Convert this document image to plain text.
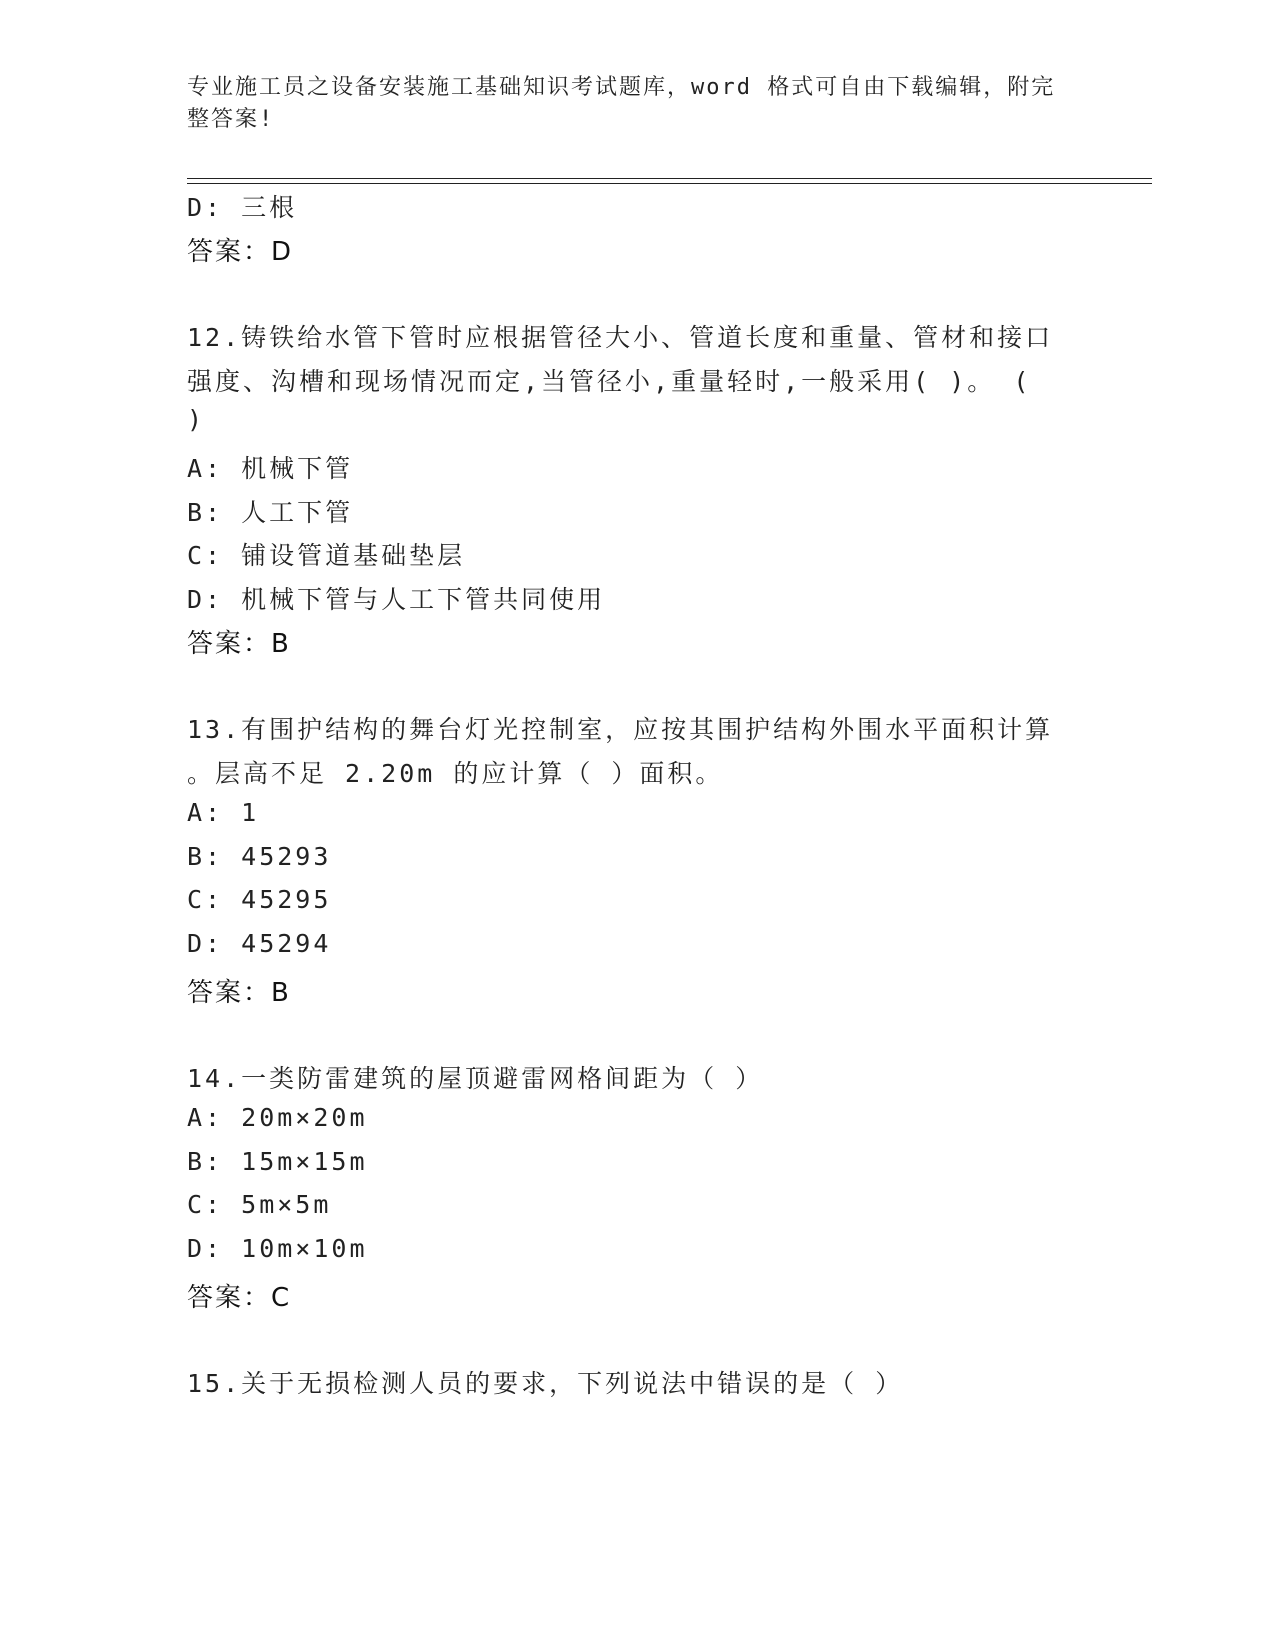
专业施工员之设备安装施工基础知识考试题库，word 格式可自由下载编辑，附完
整答案!
D: 三根
答案：D
12.铸铁给水管下管时应根据管径大小、管道长度和重量、管材和接口
强度、沟槽和现场情况而定,当管径小,重量轻时,一般采用( )。 (
)
A: 机械下管
B: 人工下管
C: 铺设管道基础垫层
D: 机械下管与人工下管共同使用
答案：B
13.有围护结构的舞台灯光控制室，应按其围护结构外围水平面积计算
。层高不足 2.20m 的应计算（ ）面积。
A: 1
B: 45293
C: 45295
D: 45294
答案：B
14.一类防雷建筑的屋顶避雷网格间距为（ ）
A: 20m×20m
B: 15m×15m
C: 5m×5m
D: 10m×10m
答案：C
15.关于无损检测人员的要求，下列说法中错误的是（ ）
